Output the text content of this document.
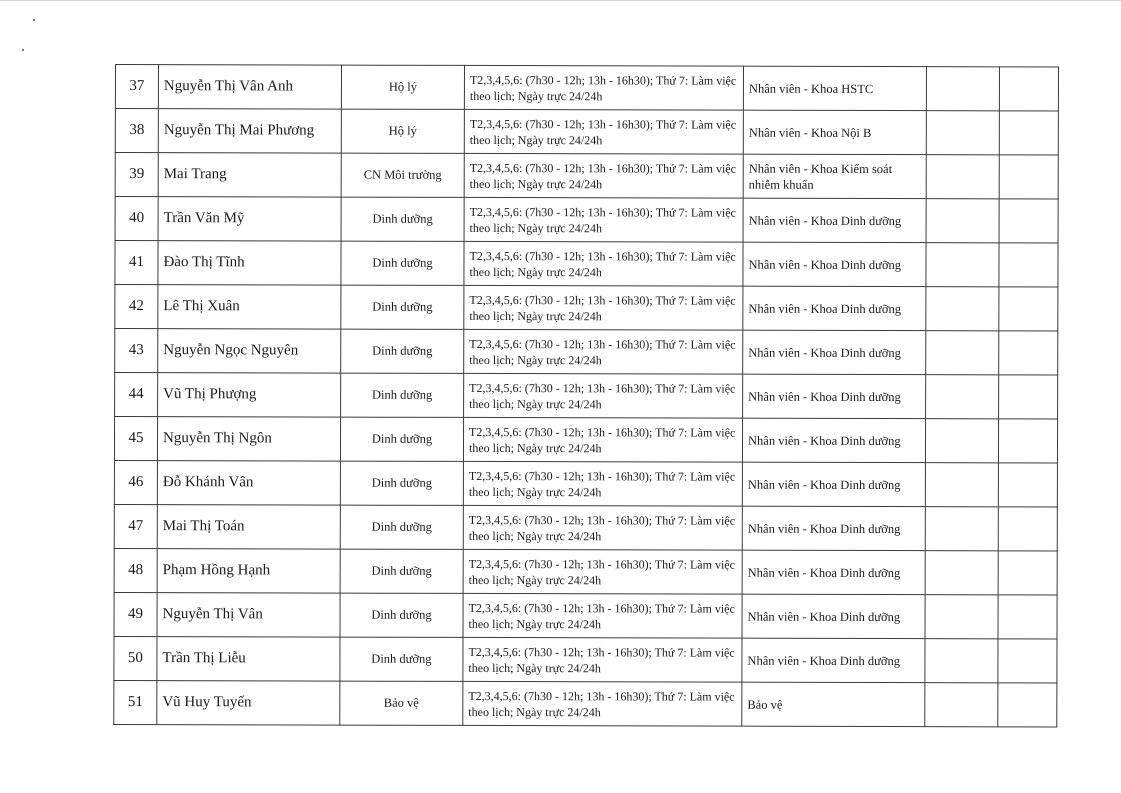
37	Nguyễn Thị Vân Anh	Hộ lý	T2,3,4,5,6: (7h30 - 12h; 13h - 16h30); Thứ 7: Làm việc theo lịch; Ngày trực 24/24h	Nhân viên - Khoa HSTC		
38	Nguyễn Thị Mai Phương	Hộ lý	T2,3,4,5,6: (7h30 - 12h; 13h - 16h30); Thứ 7: Làm việc theo lịch; Ngày trực 24/24h	Nhân viên - Khoa Nội B		
39	Mai Trang	CN Môi trường	T2,3,4,5,6: (7h30 - 12h; 13h - 16h30); Thứ 7: Làm việc theo lịch; Ngày trực 24/24h	Nhân viên - Khoa Kiểm soát nhiễm khuẩn		
40	Trần Văn Mỹ	Dinh dưỡng	T2,3,4,5,6: (7h30 - 12h; 13h - 16h30); Thứ 7: Làm việc theo lịch; Ngày trực 24/24h	Nhân viên - Khoa Dinh dưỡng		
41	Đào Thị Tĩnh	Dinh dưỡng	T2,3,4,5,6: (7h30 - 12h; 13h - 16h30); Thứ 7: Làm việc theo lịch; Ngày trực 24/24h	Nhân viên - Khoa Dinh dưỡng		
42	Lê Thị Xuân	Dinh dưỡng	T2,3,4,5,6: (7h30 - 12h; 13h - 16h30); Thứ 7: Làm việc theo lịch; Ngày trực 24/24h	Nhân viên - Khoa Dinh dưỡng		
43	Nguyễn Ngọc Nguyên	Dinh dưỡng	T2,3,4,5,6: (7h30 - 12h; 13h - 16h30); Thứ 7: Làm việc theo lịch; Ngày trực 24/24h	Nhân viên - Khoa Dinh dưỡng		
44	Vũ Thị Phượng	Dinh dưỡng	T2,3,4,5,6: (7h30 - 12h; 13h - 16h30); Thứ 7: Làm việc theo lịch; Ngày trực 24/24h	Nhân viên - Khoa Dinh dưỡng		
45	Nguyễn Thị Ngôn	Dinh dưỡng	T2,3,4,5,6: (7h30 - 12h; 13h - 16h30); Thứ 7: Làm việc theo lịch; Ngày trực 24/24h	Nhân viên - Khoa Dinh dưỡng		
46	Đỗ Khánh Vân	Dinh dưỡng	T2,3,4,5,6: (7h30 - 12h; 13h - 16h30); Thứ 7: Làm việc theo lịch; Ngày trực 24/24h	Nhân viên - Khoa Dinh dưỡng		
47	Mai Thị Toán	Dinh dưỡng	T2,3,4,5,6: (7h30 - 12h; 13h - 16h30); Thứ 7: Làm việc theo lịch; Ngày trực 24/24h	Nhân viên - Khoa Dinh dưỡng		
48	Phạm Hồng Hạnh	Dinh dưỡng	T2,3,4,5,6: (7h30 - 12h; 13h - 16h30); Thứ 7: Làm việc theo lịch; Ngày trực 24/24h	Nhân viên - Khoa Dinh dưỡng		
49	Nguyễn Thị Vân	Dinh dưỡng	T2,3,4,5,6: (7h30 - 12h; 13h - 16h30); Thứ 7: Làm việc theo lịch; Ngày trực 24/24h	Nhân viên - Khoa Dinh dưỡng		
50	Trần Thị Liễu	Dinh dưỡng	T2,3,4,5,6: (7h30 - 12h; 13h - 16h30); Thứ 7: Làm việc theo lịch; Ngày trực 24/24h	Nhân viên - Khoa Dinh dưỡng		
51	Vũ Huy Tuyến	Bảo vệ	T2,3,4,5,6: (7h30 - 12h; 13h - 16h30); Thứ 7: Làm việc theo lịch; Ngày trực 24/24h	Bảo vệ		
